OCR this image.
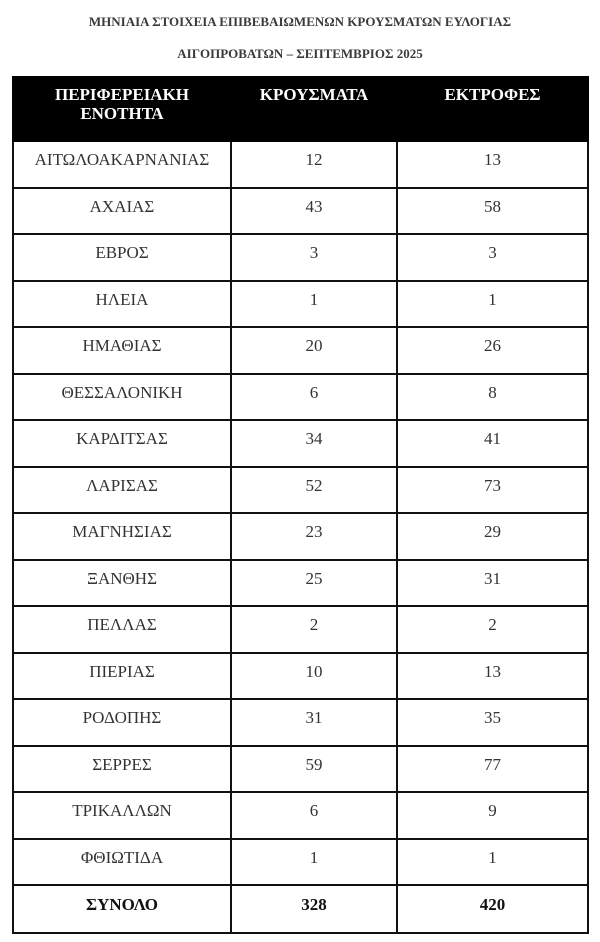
ΜΗΝΙΑΙΑ ΣΤΟΙΧΕΙΑ ΕΠΙΒΕΒΑΙΩΜΕΝΩΝ ΚΡΟΥΣΜΑΤΩΝ ΕΥΛΟΓΙΑΣ
ΑΙΓΟΠΡΟΒΑΤΩΝ – ΣΕΠΤΕΜΒΡΙΟΣ 2025
ΠΕΡΙΦΕΡΕΙΑΚΗ ΕΝΟΤΗΤΑ	ΚΡΟΥΣΜΑΤΑ	ΕΚΤΡΟΦΕΣ
ΑΙΤΩΛΟΑΚΑΡΝΑΝΙΑΣ	12	13
ΑΧΑΙΑΣ	43	58
ΕΒΡΟΣ	3	3
ΗΛΕΙΑ	1	1
ΗΜΑΘΙΑΣ	20	26
ΘΕΣΣΑΛΟΝΙΚΗ	6	8
ΚΑΡΔΙΤΣΑΣ	34	41
ΛΑΡΙΣΑΣ	52	73
ΜΑΓΝΗΣΙΑΣ	23	29
ΞΑΝΘΗΣ	25	31
ΠΕΛΛΑΣ	2	2
ΠΙΕΡΙΑΣ	10	13
ΡΟΔΟΠΗΣ	31	35
ΣΕΡΡΕΣ	59	77
ΤΡΙΚΑΛΛΩΝ	6	9
ΦΘΙΩΤΙΔΑ	1	1
ΣΥΝΟΛΟ	328	420
